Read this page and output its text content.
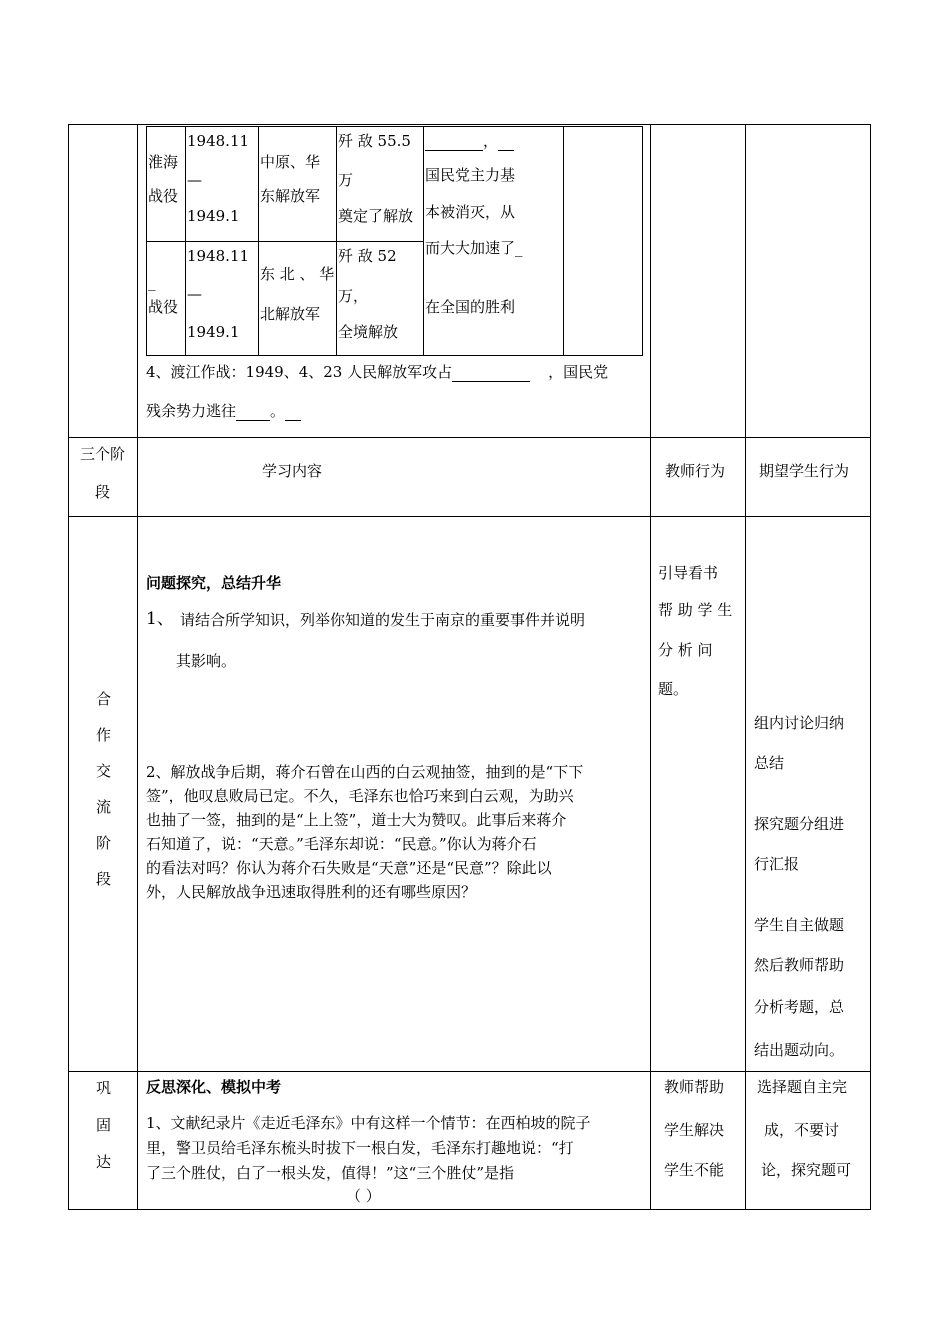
淮海
战役
1948.11
—
1949.1
中原、华
东解放军
歼 敌 55.5
万
奠定了解放
，
国民党主力基
本被消灭，从
而大大加速了_
在全国的胜利
_
战役
1948.11
—
1949.1
东 北 、 华
北解放军
歼 敌 52
万，
全境解放
4、渡江作战：1949、4、23 人民解放军攻占	，国民党
残余势力逃往 。
三个阶
段
学习内容	教师行为 期望学生行为
合
作
交
流
阶
段
问题探究，总结升华
1、 请结合所学知识，列举你知道的发生于南京的重要事件并说明
其影响。
2、解放战争后期，蒋介石曾在山西的白云观抽签，抽到的是“下下
签”，他叹息败局已定。不久，毛泽东也恰巧来到白云观，为助兴
也抽了一签，抽到的是“上上签”，道士大为赞叹。此事后来蒋介
石知道了，说：“天意。”毛泽东却说：“民意。”你认为蒋介石
的看法对吗？你认为蒋介石失败是“天意”还是“民意”？除此以
外，人民解放战争迅速取得胜利的还有哪些原因？
引导看书
帮 助 学 生
分 析 问
题。
组内讨论归纳
总结
探究题分组进
行汇报
学生自主做题
然后教师帮助
分析考题，总
结出题动向。
巩
固
达
反思深化、模拟中考
1、文献纪录片《走近毛泽东》中有这样一个情节：在西柏坡的院子
里，警卫员给毛泽东梳头时拔下一根白发，毛泽东打趣地说：“打
了三个胜仗，白了一根头发，值得！”这“三个胜仗”是指
（ ）
教师帮助
学生解决
学生不能
选择题自主完
成，不要讨
论，探究题可
